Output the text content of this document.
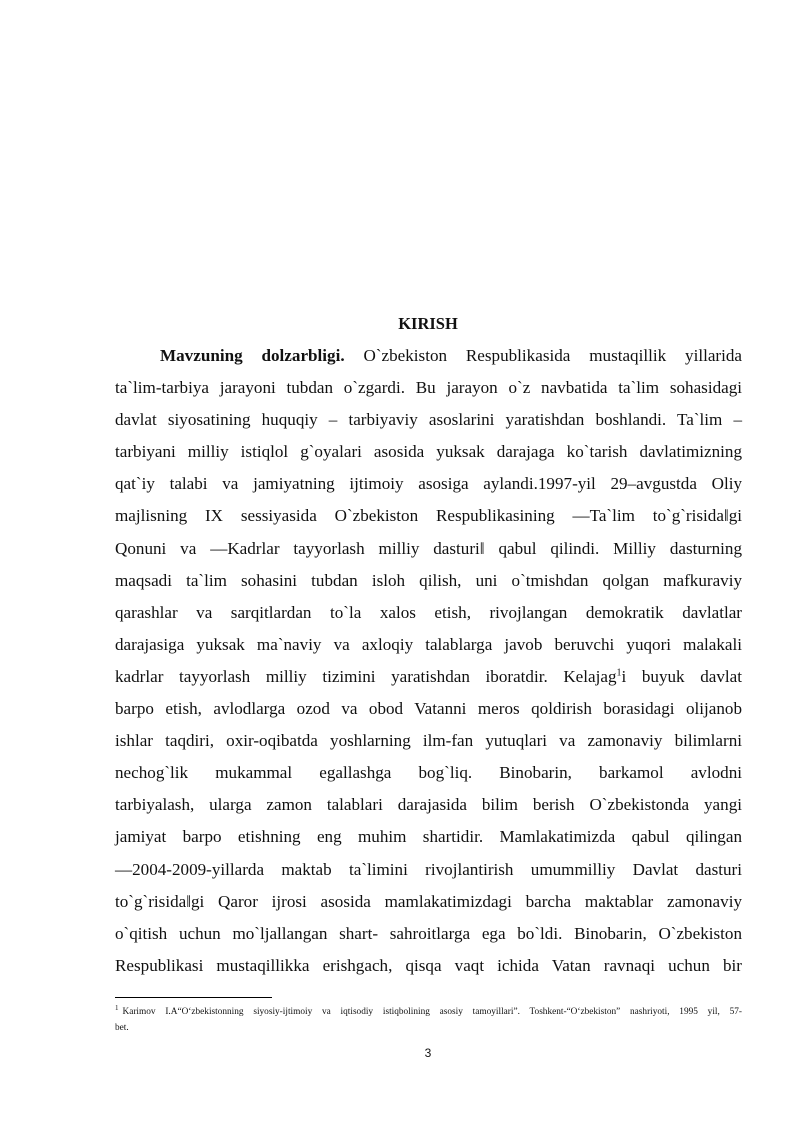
KIRISH
Mavzuning dolzarbligi. O`zbekiston Respublikasida mustaqillik yillarida
ta`lim-tarbiya jarayoni tubdan o`zgardi. Bu jarayon o`z navbatida ta`lim sohasidagi
davlat siyosatining huquqiy – tarbiyaviy asoslarini yaratishdan boshlandi. Ta`lim –
tarbiyani milliy istiqlol g`oyalari asosida yuksak darajaga ko`tarish davlatimizning
qat`iy talabi va jamiyatning ijtimoiy asosiga aylandi.1997-yil 29–avgustda Oliy
majlisning IX sessiyasida O`zbekiston Respublikasining ―Ta`lim to`g`risida‖gi
Qonuni va ―Kadrlar tayyorlash milliy dasturi‖ qabul qilindi. Milliy dasturning
maqsadi ta`lim sohasini tubdan isloh qilish, uni o`tmishdan qolgan mafkuraviy
qarashlar va sarqitlardan to`la xalos etish, rivojlangan demokratik davlatlar
darajasiga yuksak ma`naviy va axloqiy talablarga javob beruvchi yuqori malakali
kadrlar tayyorlash milliy tizimini yaratishdan iboratdir. Kelajag$^1$i buyuk davlat
barpo etish, avlodlarga ozod va obod Vatanni meros qoldirish borasidagi olijanob
ishlar taqdiri, oxir-oqibatda yoshlarning ilm-fan yutuqlari va zamonaviy bilimlarni
nechog`lik mukammal egallashga bog`liq. Binobarin, barkamol avlodni
tarbiyalash, ularga zamon talablari darajasida bilim berish O`zbekistonda yangi
jamiyat barpo etishning eng muhim shartidir. Mamlakatimizda qabul qilingan
―2004-2009-yillarda maktab ta`limini rivojlantirish umummilliy Davlat dasturi
to`g`risida‖gi Qaror ijrosi asosida mamlakatimizdagi barcha maktablar zamonaviy
o`qitish uchun mo`ljallangan shart- sahroitlarga ega bo`ldi. Binobarin, O`zbekiston
Respublikasi mustaqillikka erishgach, qisqa vaqt ichida Vatan ravnaqi uchun bir
$^1$ Karimov I.A“O‘zbekistonning siyosiy-ijtimoiy va iqtisodiy istiqbolining asosiy tamoyillari”. Toshkent-“O‘zbekiston” nashriyoti, 1995 yil, 57-
bet.
3
